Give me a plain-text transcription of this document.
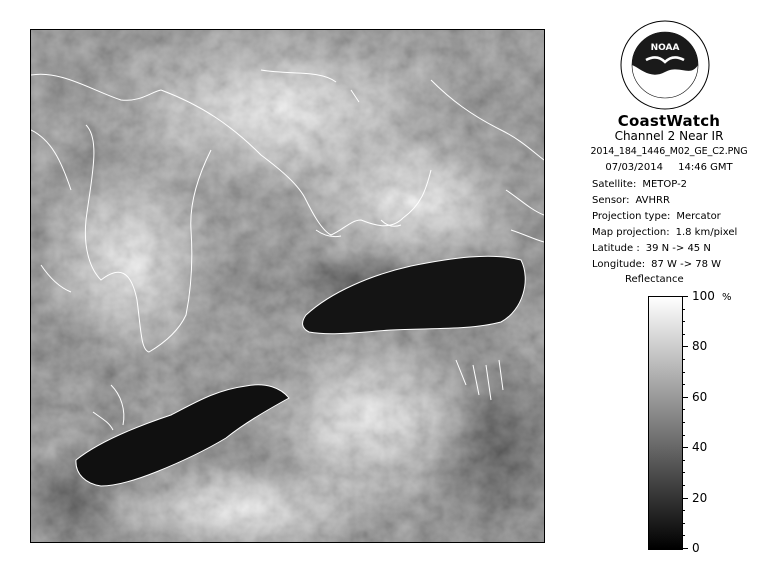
NOAA
CoastWatch
Channel 2 Near IR
2014_184_1446_M02_GE_C2.PNG
07/03/2014 14:46 GMT
Satellite: METOP-2
Sensor: AVHRR
Projection type: Mercator
Map projection: 1.8 km/pixel
Latitude : 39 N -> 45 N
Longitude: 87 W -> 78 W
Reflectance
%
100
80
60
40
20
0
